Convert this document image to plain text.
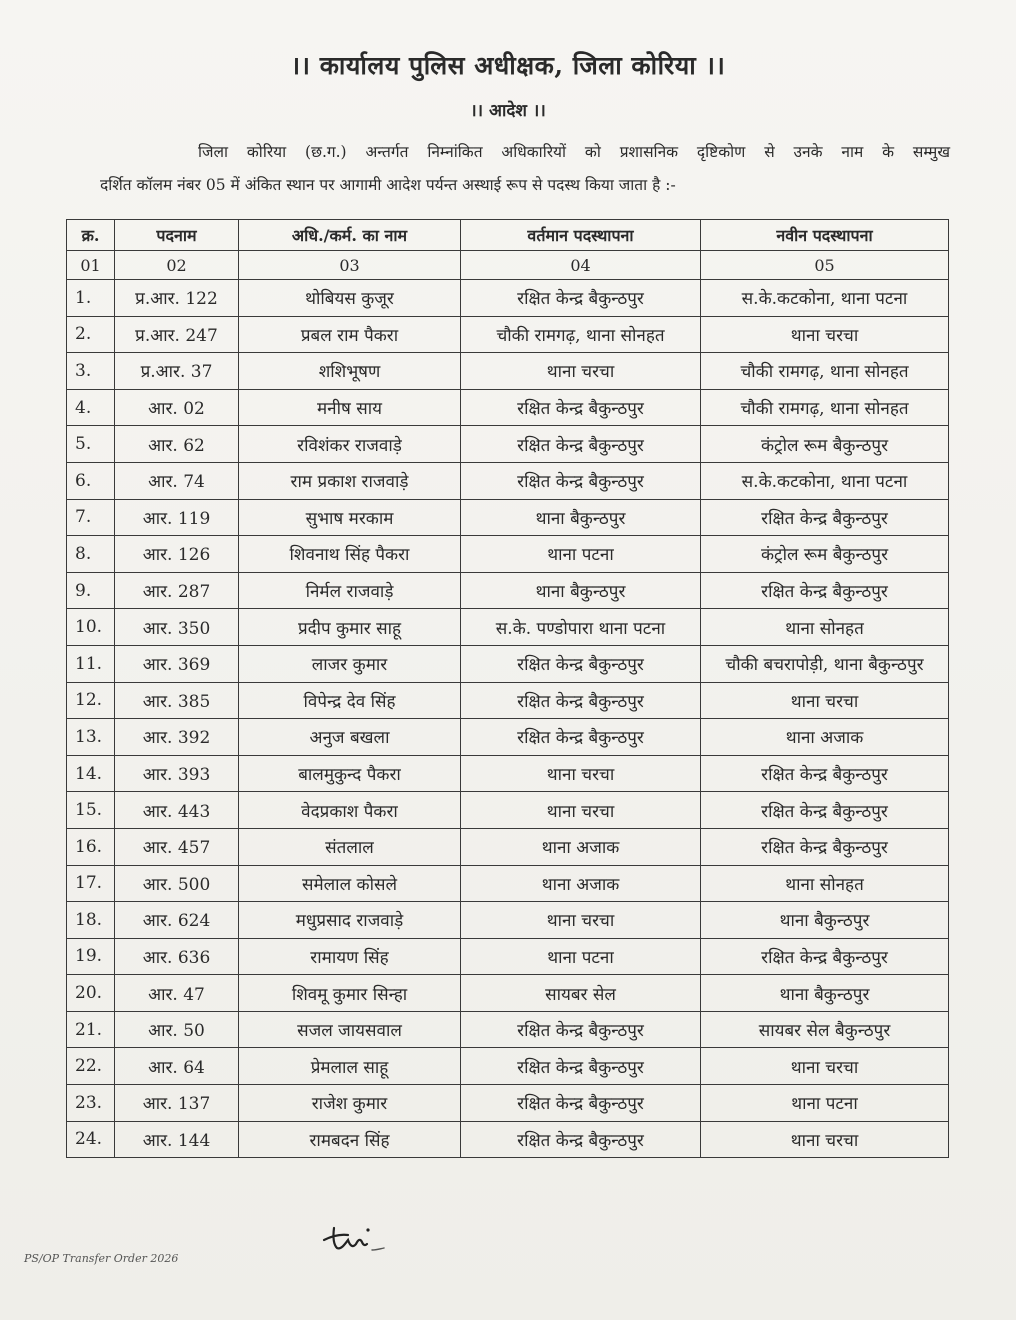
।। कार्यालय पुलिस अधीक्षक, जिला कोरिया ।।
।। आदेश ।।
जिला कोरिया (छ.ग.) अन्तर्गत निम्नांकित अधिकारियों को प्रशासनिक दृष्टिकोण से उनके नाम के सम्मुख
दर्शित कॉलम नंबर 05 में अंकित स्थान पर आगामी आदेश पर्यन्त अस्थाई रूप से पदस्थ किया जाता है :-
क्र.	पदनाम	अधि./कर्म. का नाम	वर्तमान पदस्थापना	नवीन पदस्थापना
01	02	03	04	05
1.	प्र.आर. 122	थोबियस कुजूर	रक्षित केन्द्र बैकुन्ठपुर	स.के.कटकोना, थाना पटना
2.	प्र.आर. 247	प्रबल राम पैकरा	चौकी रामगढ़, थाना सोनहत	थाना चरचा
3.	प्र.आर. 37	शशिभूषण	थाना चरचा	चौकी रामगढ़, थाना सोनहत
4.	आर. 02	मनीष साय	रक्षित केन्द्र बैकुन्ठपुर	चौकी रामगढ़, थाना सोनहत
5.	आर. 62	रविशंकर राजवाड़े	रक्षित केन्द्र बैकुन्ठपुर	कंट्रोल रूम बैकुन्ठपुर
6.	आर. 74	राम प्रकाश राजवाड़े	रक्षित केन्द्र बैकुन्ठपुर	स.के.कटकोना, थाना पटना
7.	आर. 119	सुभाष मरकाम	थाना बैकुन्ठपुर	रक्षित केन्द्र बैकुन्ठपुर
8.	आर. 126	शिवनाथ सिंह पैकरा	थाना पटना	कंट्रोल रूम बैकुन्ठपुर
9.	आर. 287	निर्मल राजवाड़े	थाना बैकुन्ठपुर	रक्षित केन्द्र बैकुन्ठपुर
10.	आर. 350	प्रदीप कुमार साहू	स.के. पण्डोपारा थाना पटना	थाना सोनहत
11.	आर. 369	लाजर कुमार	रक्षित केन्द्र बैकुन्ठपुर	चौकी बचरापोड़ी, थाना बैकुन्ठपुर
12.	आर. 385	विपेन्द्र देव सिंह	रक्षित केन्द्र बैकुन्ठपुर	थाना चरचा
13.	आर. 392	अनुज बखला	रक्षित केन्द्र बैकुन्ठपुर	थाना अजाक
14.	आर. 393	बालमुकुन्द पैकरा	थाना चरचा	रक्षित केन्द्र बैकुन्ठपुर
15.	आर. 443	वेदप्रकाश पैकरा	थाना चरचा	रक्षित केन्द्र बैकुन्ठपुर
16.	आर. 457	संतलाल	थाना अजाक	रक्षित केन्द्र बैकुन्ठपुर
17.	आर. 500	समेलाल कोसले	थाना अजाक	थाना सोनहत
18.	आर. 624	मधुप्रसाद राजवाड़े	थाना चरचा	थाना बैकुन्ठपुर
19.	आर. 636	रामायण सिंह	थाना पटना	रक्षित केन्द्र बैकुन्ठपुर
20.	आर. 47	शिवमू कुमार सिन्हा	सायबर सेल	थाना बैकुन्ठपुर
21.	आर. 50	सजल जायसवाल	रक्षित केन्द्र बैकुन्ठपुर	सायबर सेल बैकुन्ठपुर
22.	आर. 64	प्रेमलाल साहू	रक्षित केन्द्र बैकुन्ठपुर	थाना चरचा
23.	आर. 137	राजेश कुमार	रक्षित केन्द्र बैकुन्ठपुर	थाना पटना
24.	आर. 144	रामबदन सिंह	रक्षित केन्द्र बैकुन्ठपुर	थाना चरचा
PS/OP Transfer Order 2026
